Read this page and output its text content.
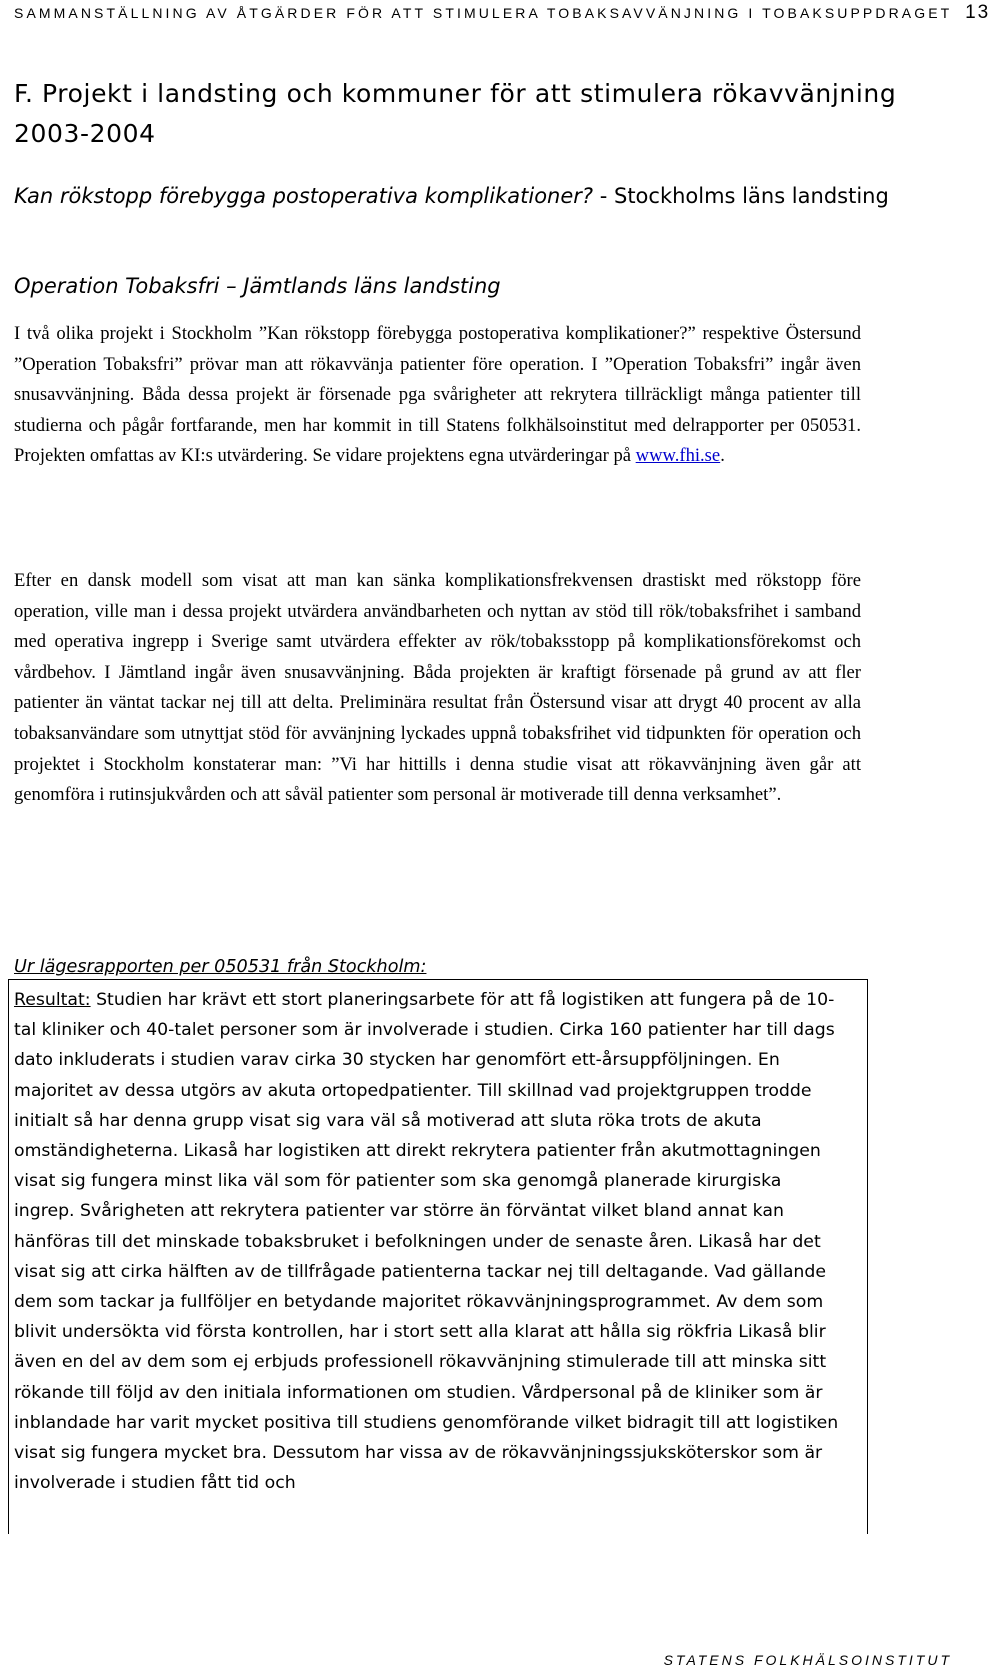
SAMMANSTÄLLNING AV ÅTGÄRDER FÖR ATT STIMULERA TOBAKSAVVÄNJNING I TOBAKSUPPDRAGET 13
F. Projekt i landsting och kommuner för att stimulera rökavvänjning 2003-2004
Kan rökstopp förebygga postoperativa komplikationer? - Stockholms läns landsting
Operation Tobaksfri – Jämtlands läns landsting

I två olika projekt i Stockholm ”Kan rökstopp förebygga postoperativa komplikationer?” respektive Östersund ”Operation Tobaksfri” prövar man att rökavvänja patienter före operation. I ”Operation Tobaksfri” ingår även snusavvänjning. Båda dessa projekt är försenade pga svårigheter att rekrytera tillräckligt många patienter till studierna och pågår fortfarande, men har kommit in till Statens folkhälsoinstitut med delrapporter per 050531. Projekten omfattas av KI:s utvärdering. Se vidare projektens egna utvärderingar på www.fhi.se.

Efter en dansk modell som visat att man kan sänka komplikationsfrekvensen drastiskt med rökstopp före operation, ville man i dessa projekt utvärdera användbarheten och nyttan av stöd till rök/tobaksfrihet i samband med operativa ingrepp i Sverige samt utvärdera effekter av rök/tobaksstopp på komplikationsförekomst och vårdbehov. I Jämtland ingår även snusavvänjning. Båda projekten är kraftigt försenade på grund av att fler patienter än väntat tackar nej till att delta. Preliminära resultat från Östersund visar att drygt 40 procent av alla tobaksanvändare som utnyttjat stöd för avvänjning lyckades uppnå tobaksfrihet vid tidpunkten för operation och projektet i Stockholm konstaterar man: ”Vi har hittills i denna studie visat att rökavvänjning även går att genomföra i rutinsjukvården och att såväl patienter som personal är motiverade till denna verksamhet”.

Ur lägesrapporten per 050531 från Stockholm:

Resultat: Studien har krävt ett stort planeringsarbete för att få logistiken att fungera på de 10-tal kliniker och 40-talet personer som är involverade i studien. Cirka 160 patienter har till dags dato inkluderats i studien varav cirka 30 stycken har genomfört ett-årsuppföljningen. En majoritet av dessa utgörs av akuta ortopedpatienter. Till skillnad vad projektgruppen trodde initialt så har denna grupp visat sig vara väl så motiverad att sluta röka trots de akuta omständigheterna. Likaså har logistiken att direkt rekrytera patienter från akutmottagningen visat sig fungera minst lika väl som för patienter som ska genomgå planerade kirurgiska ingrep. Svårigheten att rekrytera patienter var större än förväntat vilket bland annat kan hänföras till det minskade tobaksbruket i befolkningen under de senaste åren. Likaså har det visat sig att cirka hälften av de tillfrågade patienterna tackar nej till deltagande. Vad gällande dem som tackar ja fullföljer en betydande majoritet rökavvänjningsprogrammet. Av dem som blivit undersökta vid första kontrollen, har i stort sett alla klarat att hålla sig rökfria Likaså blir även en del av dem som ej erbjuds professionell rökavvänjning stimulerade till att minska sitt rökande till följd av den initiala informationen om studien. Vårdpersonal på de kliniker som är inblandade har varit mycket positiva till studiens genomförande vilket bidragit till att logistiken visat sig fungera mycket bra. Dessutom har vissa av de rökavvänjningssjuksköterskor som är involverade i studien fått tid och

STATENS FOLKHÄLSOINSTITUT
